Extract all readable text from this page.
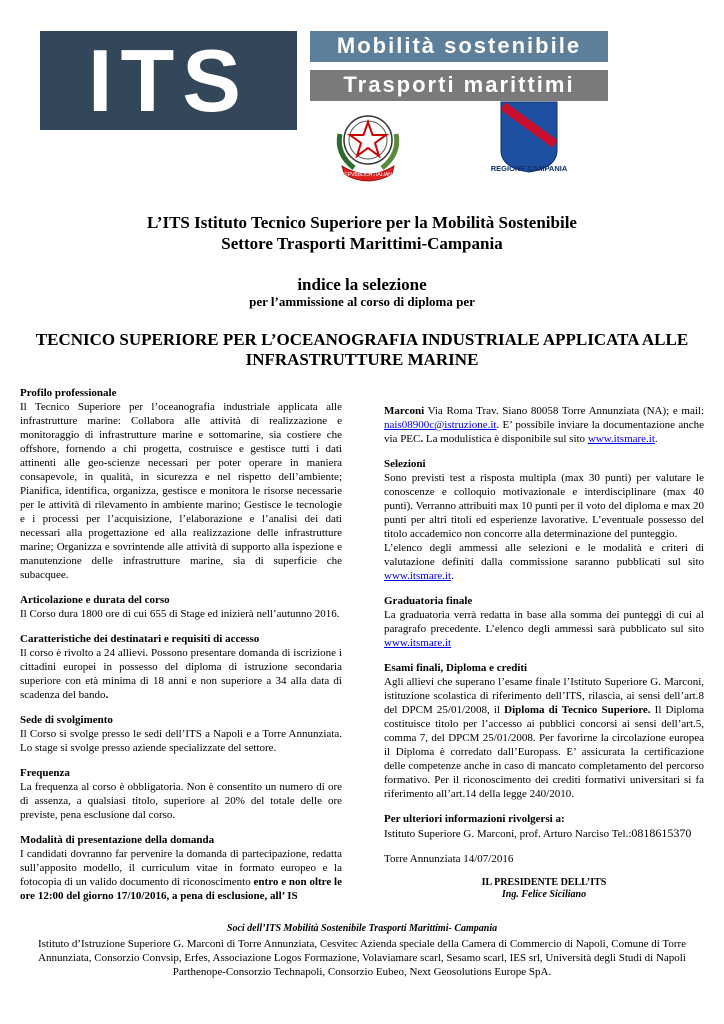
ITS	Mobilità sostenibile
Trasporti marittimi
REPVBBLICA ITALIANA
REGIONE CAMPANIA
L’ITS Istituto Tecnico Superiore per la Mobilità Sostenibile
Settore Trasporti Marittimi-Campania
indice la selezione
per l’ammissione al corso di diploma per
TECNICO SUPERIORE PER L’OCEANOGRAFIA INDUSTRIALE APPLICATA ALLE
INFRASTRUTTURE MARINE
Profilo professionale

Il Tecnico Superiore per l’oceanografia industriale applicata alle infrastrutture marine: Collabora alle attività di realizzazione e monitoraggio di infrastrutture marine e sottomarine, sia costiere che offshore, fornendo a chi progetta, costruisce e gestisce tutti i dati attinenti alle geo-scienze necessari per poter operare in maniera consapevole, in qualità, in sicurezza e nel rispetto dell’ambiente; Pianifica, identifica, organizza, gestisce e monitora le risorse necessarie per le attività di rilevamento in ambiente marino; Gestisce le tecnologie e i processi per l’acquisizione, l’elaborazione e l’analisi dei dati necessari alla progettazione ed alla realizzazione delle infrastrutture marine; Organizza e sovrintende alle attività di supporto alla ispezione e manutenzione delle infrastrutture marine, sia di superficie che subacquee.

Articolazione e durata del corso

Il Corso dura 1800 ore di cui 655 di Stage ed inizierà nell’autunno 2016.

Caratteristiche dei destinatari e requisiti di accesso

Il corso è rivolto a 24 allievi. Possono presentare domanda di iscrizione i cittadini europei in possesso del diploma di istruzione secondaria superiore con età minima di 18 anni e non superiore a 34 alla data di scadenza del bando.

Sede di svolgimento

Il Corso si svolge presso le sedi dell’ITS a Napoli e a Torre Annunziata. Lo stage si svolge presso aziende specializzate del settore.

Frequenza

La frequenza al corso è obbligatoria. Non è consentito un numero di ore di assenza, a qualsiasi titolo, superiore al 20% del totale delle ore previste, pena esclusione dal corso.

Modalità di presentazione della domanda

I candidati dovranno far pervenire la domanda di partecipazione, redatta sull’apposito modello, il curriculum vitae in formato europeo e la fotocopia di un valido documento di riconoscimento entro e non oltre le ore 12:00 del giorno 17/10/2016, a pena di esclusione, all’ IS

Marconi Via Roma Trav. Siano 80058 Torre Annunziata (NA); e mail: nais08900c@istruzione.it. E’ possibile inviare la documentazione anche via PEC. La modulistica è disponibile sul sito www.itsmare.it.

Selezioni

Sono previsti test a risposta multipla (max 30 punti) per valutare le conoscenze e colloquio motivazionale e interdisciplinare (max 40 punti). Verranno attribuiti max 10 punti per il voto del diploma e max 20 punti per altri titoli ed esperienze lavorative. L’eventuale possesso del titolo accademico non concorre alla determinazione del punteggio.

L’elenco degli ammessi alle selezioni e le modalità e criteri di valutazione definiti dalla commissione saranno pubblicati sul sito www.itsmare.it.

Graduatoria finale

La graduatoria verrà redatta in base alla somma dei punteggi di cui al paragrafo precedente. L’elenco degli ammessi sarà pubblicato sul sito www.itsmare.it

Esami finali, Diploma e crediti

Agli allievi che superano l’esame finale l’Istituto Superiore G. Marconi, istituzione scolastica di riferimento dell’ITS, rilascia, ai sensi dell’art.8 del DPCM 25/01/2008, il Diploma di Tecnico Superiore. Il Diploma costituisce titolo per l’accesso ai pubblici concorsi ai sensi dell’art.5, comma 7, del DPCM 25/01/2008. Per favorirne la circolazione europea il Diploma è corredato dall’Europass. E’ assicurata la certificazione delle competenze anche in caso di mancato completamento del percorso formativo. Per il riconoscimento dei crediti formativi universitari si fa riferimento all’art.14 della legge 240/2010.

Per ulteriori informazioni rivolgersi a:

Istituto Superiore G. Marconi, prof. Arturo Narciso Tel.:0818615370

Torre Annunziata 14/07/2016

IL PRESIDENTE DELL’ITS
Ing. Felice Siciliano
Soci dell’ITS Mobilità Sostenibile Trasporti Marittimi- Campania
Istituto d’Istruzione Superiore G. Marconi di Torre Annunziata, Cesvitec Azienda speciale della Camera di Commercio di Napoli, Comune di Torre Annunziata, Consorzio Convsip, Erfes, Associazione Logos Formazione, Volaviamare scarl, Sesamo scarl, IES srl, Università degli Studi di Napoli Parthenope-Consorzio Technapoli, Consorzio Eubeo, Next Geosolutions Europe SpA.
